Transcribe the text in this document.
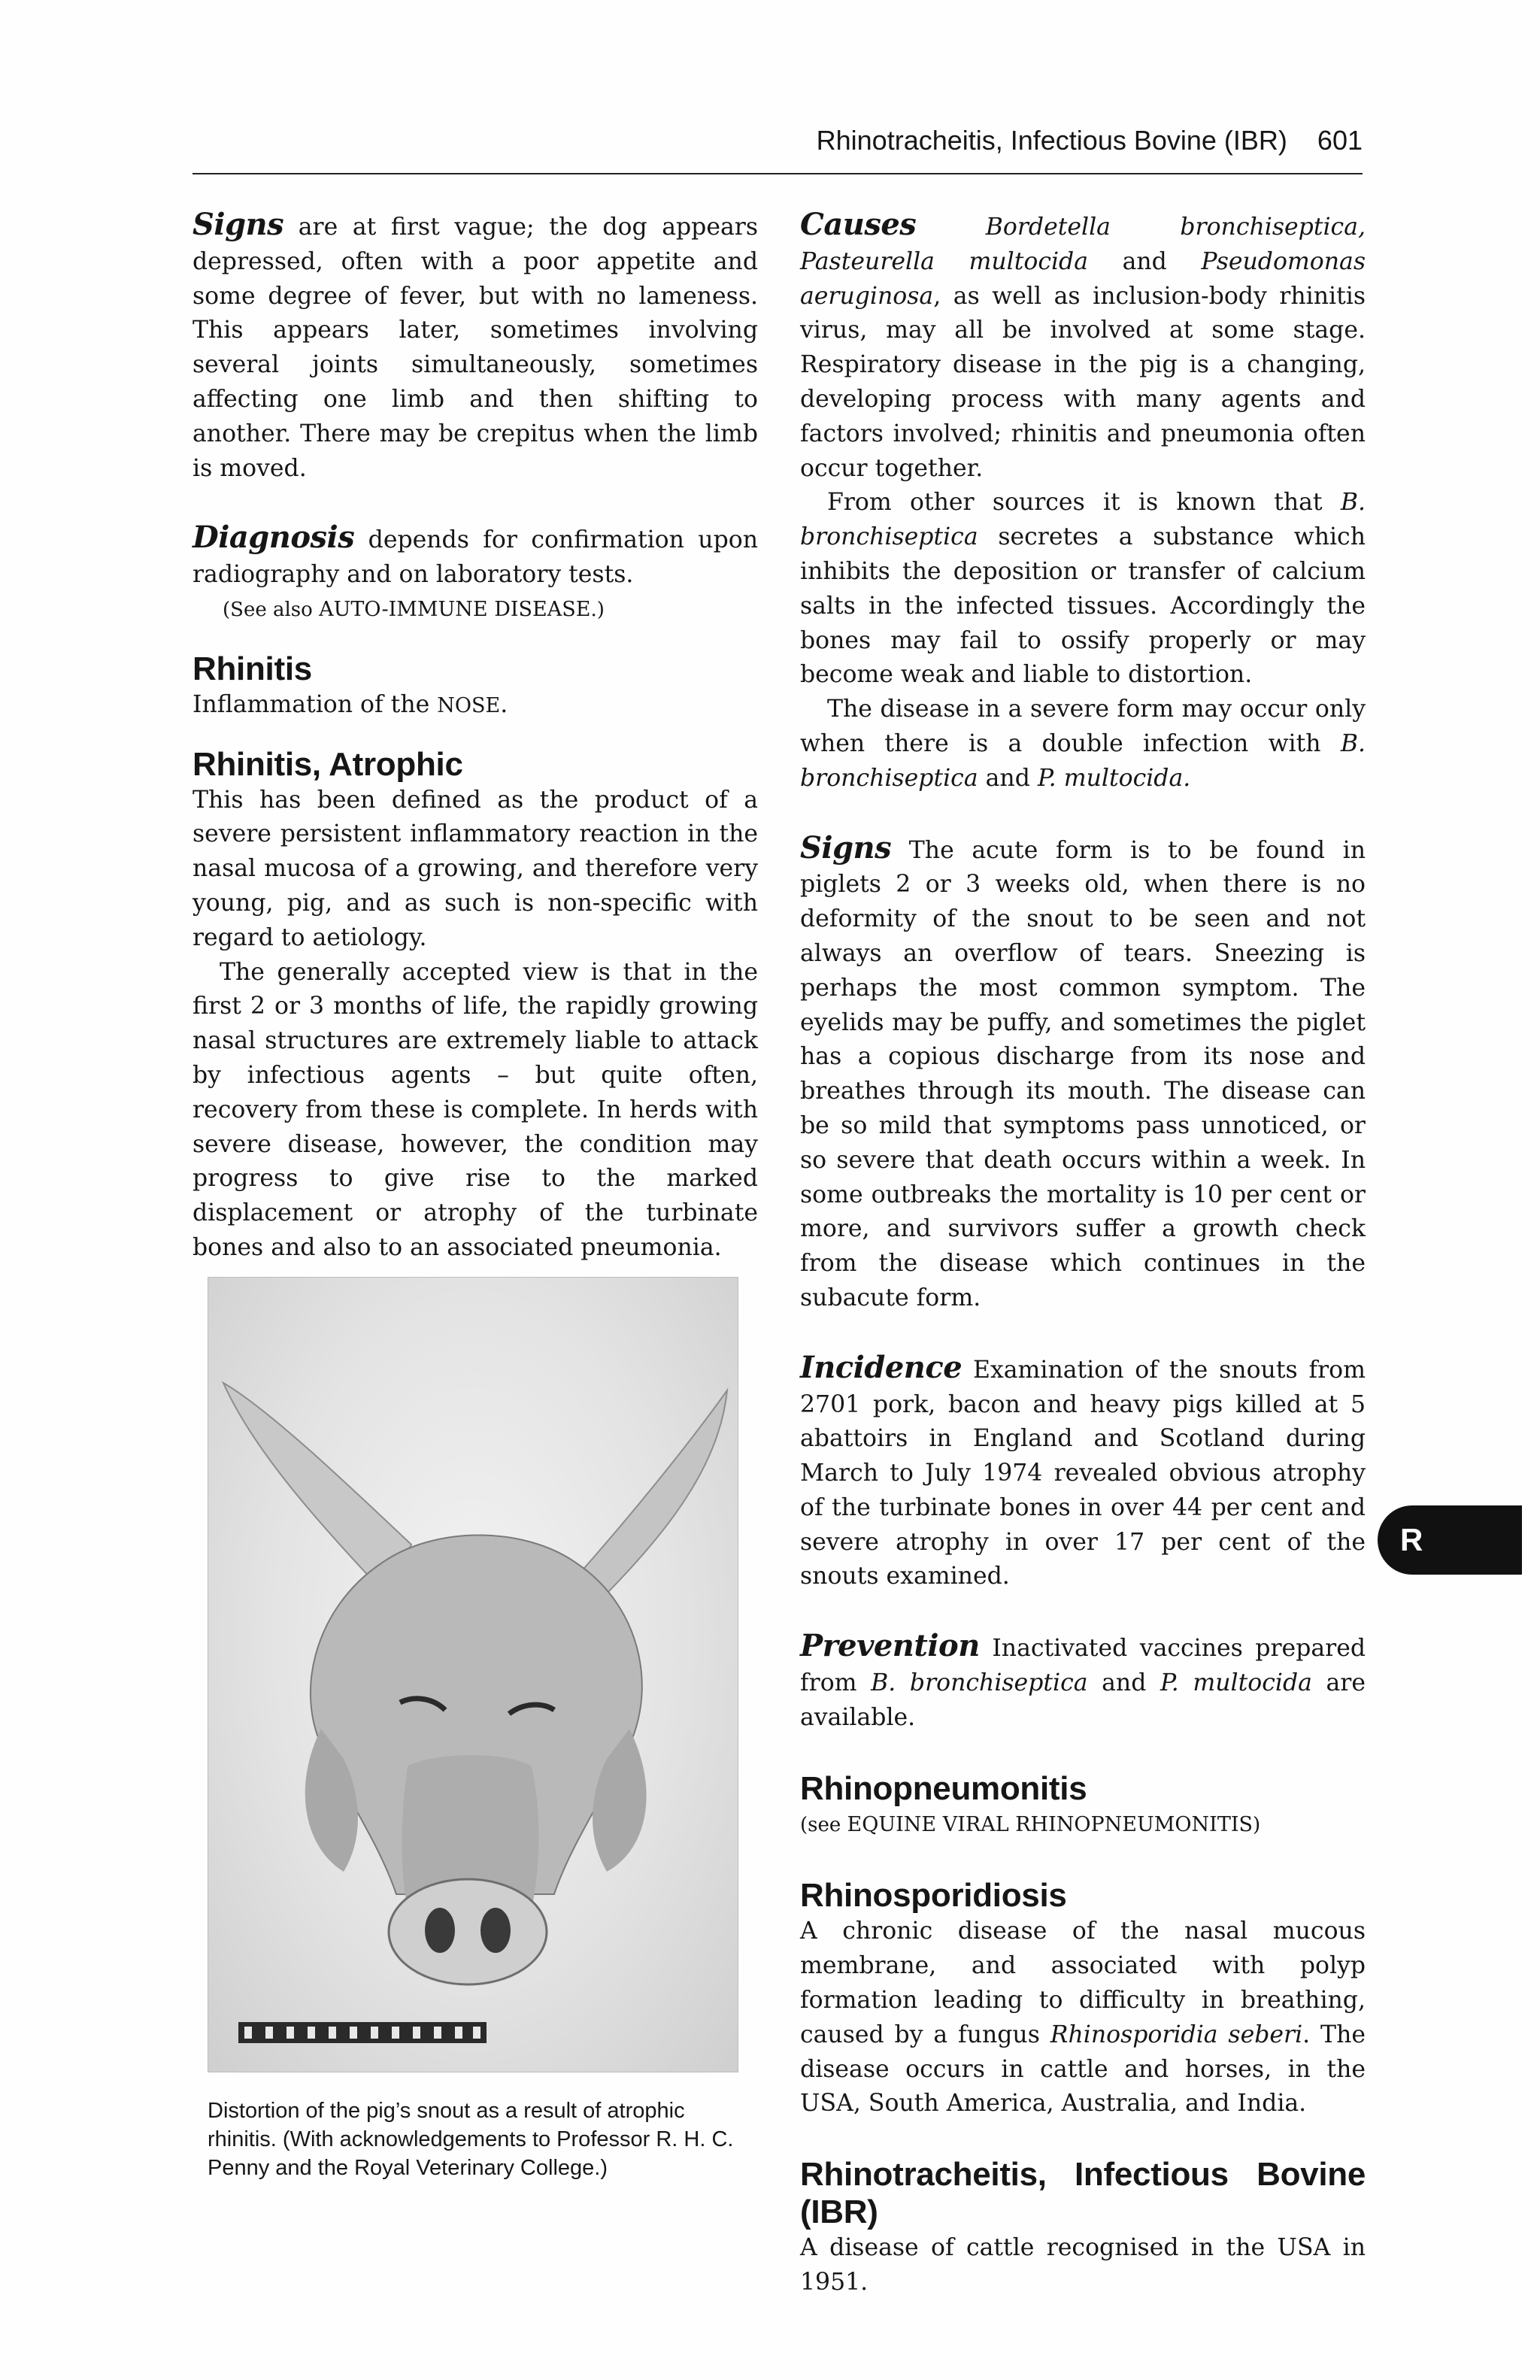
Rhinotracheitis, Infectious Bovine (IBR) 601

Signs are at first vague; the dog appears depressed, often with a poor appetite and some degree of fever, but with no lameness. This appears later, sometimes involving several joints simultaneously, sometimes affecting one limb and then shifting to another. There may be crepitus when the limb is moved.

Diagnosis depends for confirmation upon radiography and on laboratory tests.

(See also AUTO-IMMUNE DISEASE.)

Rhinitis

Inflammation of the NOSE.

Rhinitis, Atrophic

This has been defined as the product of a severe persistent inflammatory reaction in the nasal mucosa of a growing, and therefore very young, pig, and as such is non-specific with regard to aetiology.

The generally accepted view is that in the first 2 or 3 months of life, the rapidly growing nasal structures are extremely liable to attack by infectious agents – but quite often, recovery from these is complete. In herds with severe disease, however, the condition may progress to give rise to the marked displacement or atrophy of the turbinate bones and also to an associated pneumonia.

Distortion of the pig’s snout as a result of atrophic rhinitis. (With acknowledgements to Professor R. H. C. Penny and the Royal Veterinary College.)

Causes	Bordetella bronchiseptica, Pasteurella multocida and Pseudomonas aeruginosa, as well as inclusion-body rhinitis virus, may all be involved at some stage. Respiratory disease in the pig is a changing, developing process with many agents and factors involved; rhinitis and pneumonia often occur together.

From other sources it is known that B. bronchiseptica secretes a substance which inhibits the deposition or transfer of calcium salts in the infected tissues. Accordingly the bones may fail to ossify properly or may become weak and liable to distortion.

The disease in a severe form may occur only when there is a double infection with B. bronchiseptica and P. multocida.

Signs The acute form is to be found in piglets 2 or 3 weeks old, when there is no deformity of the snout to be seen and not always an overflow of tears. Sneezing is perhaps the most common symptom. The eyelids may be puffy, and sometimes the piglet has a copious discharge from its nose and breathes through its mouth. The disease can be so mild that symptoms pass unnoticed, or so severe that death occurs within a week. In some outbreaks the mortality is 10 per cent or more, and survivors suffer a growth check from the disease which continues in the subacute form.

Incidence Examination of the snouts from 2701 pork, bacon and heavy pigs killed at 5 abattoirs in England and Scotland during March to July 1974 revealed obvious atrophy of the turbinate bones in over 44 per cent and severe atrophy in over 17 per cent of the snouts examined.

Prevention Inactivated vaccines prepared from B. bronchiseptica and P. multocida are available.

Rhinopneumonitis

(see EQUINE VIRAL RHINOPNEUMONITIS)

Rhinosporidiosis

A chronic disease of the nasal mucous membrane, and associated with polyp formation leading to difficulty in breathing, caused by a fungus Rhinosporidia seberi. The disease occurs in cattle and horses, in the USA, South America, Australia, and India.

Rhinotracheitis, Infectious Bovine (IBR)

A disease of cattle recognised in the USA in 1951.

R
